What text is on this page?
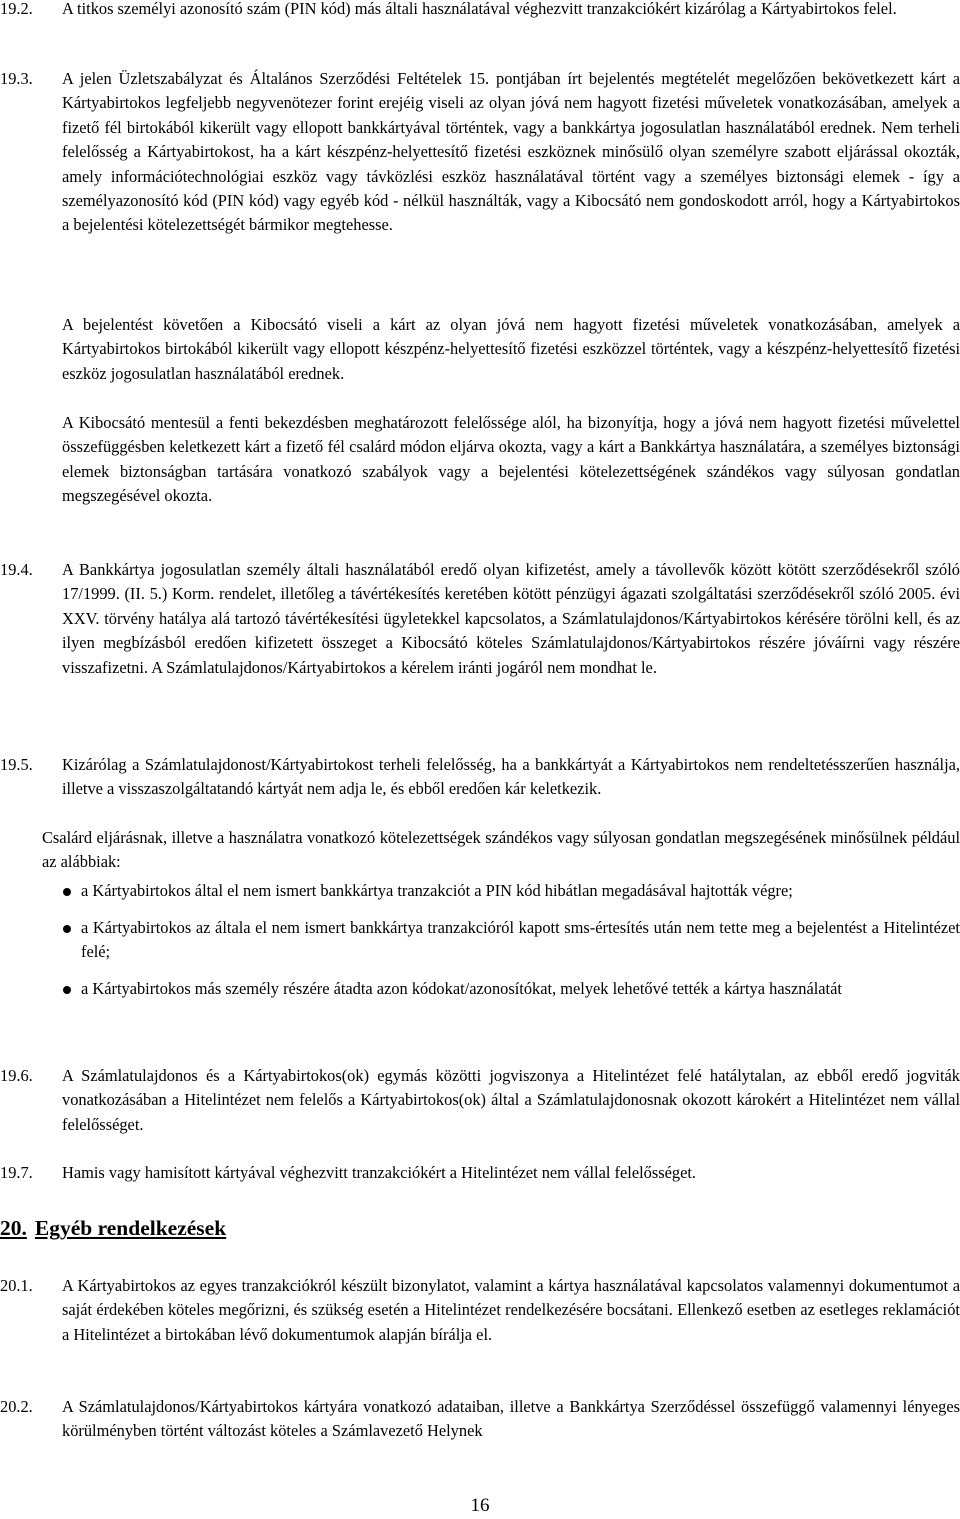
19.2. A titkos személyi azonosító szám (PIN kód) más általi használatával véghezvitt tranzakciókért kizárólag a Kártyabirtokos felel.

19.3. A jelen Üzletszabályzat és Általános Szerződési Feltételek 15. pontjában írt bejelentés megtételét megelőzően bekövetkezett kárt a Kártyabirtokos legfeljebb negyvenötezer forint erejéig viseli az olyan jóvá nem hagyott fizetési műveletek vonatkozásában, amelyek a fizető fél birtokából kikerült vagy ellopott bankkártyával történtek, vagy a bankkártya jogosulatlan használatából erednek. Nem terheli felelősség a Kártyabirtokost, ha a kárt készpénz-helyettesítő fizetési eszköznek minősülő olyan személyre szabott eljárással okozták, amely információtechnológiai eszköz vagy távközlési eszköz használatával történt vagy a személyes biztonsági elemek - így a személyazonosító kód (PIN kód) vagy egyéb kód - nélkül használták, vagy a Kibocsátó nem gondoskodott arról, hogy a Kártyabirtokos a bejelentési kötelezettségét bármikor megtehesse.

A bejelentést követően a Kibocsátó viseli a kárt az olyan jóvá nem hagyott fizetési műveletek vonatkozásában, amelyek a Kártyabirtokos birtokából kikerült vagy ellopott készpénz-helyettesítő fizetési eszközzel történtek, vagy a készpénz-helyettesítő fizetési eszköz jogosulatlan használatából erednek.

A Kibocsátó mentesül a fenti bekezdésben meghatározott felelőssége alól, ha bizonyítja, hogy a jóvá nem hagyott fizetési művelettel összefüggésben keletkezett kárt a fizető fél csalárd módon eljárva okozta, vagy a kárt a Bankkártya használatára, a személyes biztonsági elemek biztonságban tartására vonatkozó szabályok vagy a bejelentési kötelezettségének szándékos vagy súlyosan gondatlan megszegésével okozta.

19.4. A Bankkártya jogosulatlan személy általi használatából eredő olyan kifizetést, amely a távollevők között kötött szerződésekről szóló 17/1999. (II. 5.) Korm. rendelet, illetőleg a távértékesítés keretében kötött pénzügyi ágazati szolgáltatási szerződésekről szóló 2005. évi XXV. törvény hatálya alá tartozó távértékesítési ügyletekkel kapcsolatos, a Számlatulajdonos/Kártyabirtokos kérésére törölni kell, és az ilyen megbízásból eredően kifizetett összeget a Kibocsátó köteles Számlatulajdonos/Kártyabirtokos részére jóváírni vagy részére visszafizetni. A Számlatulajdonos/Kártyabirtokos a kérelem iránti jogáról nem mondhat le.

19.5. Kizárólag a Számlatulajdonost/Kártyabirtokost terheli felelősség, ha a bankkártyát a Kártyabirtokos nem rendeltetésszerűen használja, illetve a visszaszolgáltatandó kártyát nem adja le, és ebből eredően kár keletkezik.

Csalárd eljárásnak, illetve a használatra vonatkozó kötelezettségek szándékos vagy súlyosan gondatlan megszegésének minősülnek például az alábbiak:

a Kártyabirtokos által el nem ismert bankkártya tranzakciót a PIN kód hibátlan megadásával hajtották végre;
a Kártyabirtokos az általa el nem ismert bankkártya tranzakcióról kapott sms-értesítés után nem tette meg a bejelentést a Hitelintézet felé;
a Kártyabirtokos más személy részére átadta azon kódokat/azonosítókat, melyek lehetővé tették a kártya használatát
19.6. A Számlatulajdonos és a Kártyabirtokos(ok) egymás közötti jogviszonya a Hitelintézet felé hatálytalan, az ebből eredő jogviták vonatkozásában a Hitelintézet nem felelős a Kártyabirtokos(ok) által a Számlatulajdonosnak okozott károkért a Hitelintézet nem vállal felelősséget.

19.7. Hamis vagy hamisított kártyával véghezvitt tranzakciókért a Hitelintézet nem vállal felelősséget.

20. Egyéb rendelkezések
20.1. A Kártyabirtokos az egyes tranzakciókról készült bizonylatot, valamint a kártya használatával kapcsolatos valamennyi dokumentumot a saját érdekében köteles megőrizni, és szükség esetén a Hitelintézet rendelkezésére bocsátani. Ellenkező esetben az esetleges reklamációt a Hitelintézet a birtokában lévő dokumentumok alapján bírálja el.

20.2. A Számlatulajdonos/Kártyabirtokos kártyára vonatkozó adataiban, illetve a Bankkártya Szerződéssel összefüggő valamennyi lényeges körülményben történt változást köteles a Számlavezető Helynek

16
